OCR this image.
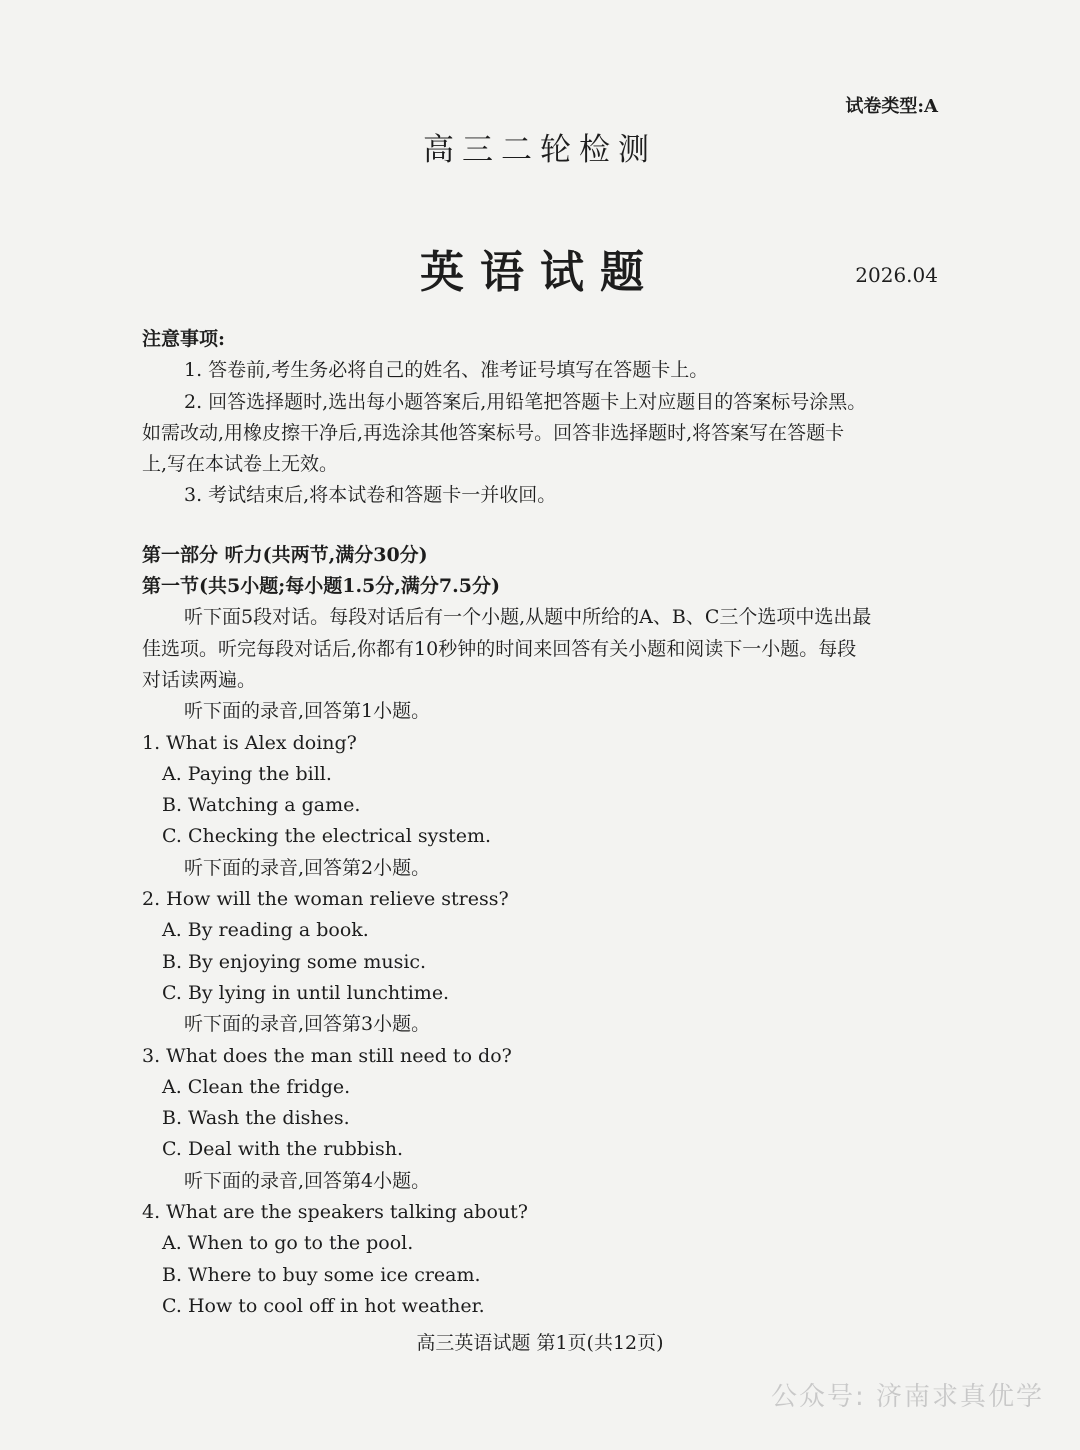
试卷类型:A
高三二轮检测
英语试题	2026.04
注意事项:
1. 答卷前,考生务必将自己的姓名、准考证号填写在答题卡上。
2. 回答选择题时,选出每小题答案后,用铅笔把答题卡上对应题目的答案标号涂黑。
如需改动,用橡皮擦干净后,再选涂其他答案标号。回答非选择题时,将答案写在答题卡
上,写在本试卷上无效。
3. 考试结束后,将本试卷和答题卡一并收回。
第一部分 听力(共两节,满分30分)
第一节(共5小题;每小题1.5分,满分7.5分)
听下面5段对话。每段对话后有一个小题,从题中所给的A、B、C三个选项中选出最
佳选项。听完每段对话后,你都有10秒钟的时间来回答有关小题和阅读下一小题。每段
对话读两遍。
听下面的录音,回答第1小题。
1. What is Alex doing?
A. Paying the bill.
B. Watching a game.
C. Checking the electrical system.
听下面的录音,回答第2小题。
2. How will the woman relieve stress?
A. By reading a book.
B. By enjoying some music.
C. By lying in until lunchtime.
听下面的录音,回答第3小题。
3. What does the man still need to do?
A. Clean the fridge.
B. Wash the dishes.
C. Deal with the rubbish.
听下面的录音,回答第4小题。
4. What are the speakers talking about?
A. When to go to the pool.
B. Where to buy some ice cream.
C. How to cool off in hot weather.
高三英语试题 第1页(共12页)
公众号: 济南求真优学
